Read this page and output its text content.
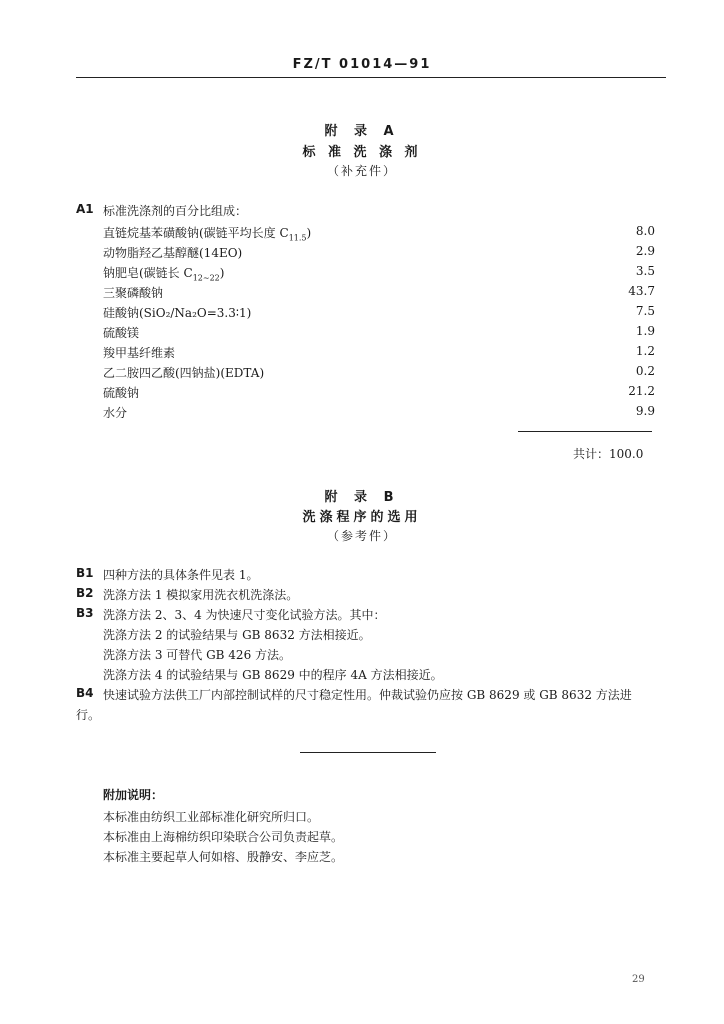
FZ/T 01014—91
附 录 A
标 准 洗 涤 剂
（补充件）
A1 标准洗涤剂的百分比组成：
直链烷基苯磺酸钠(碳链平均长度 $C_{11.5}$)	8.0
动物脂羟乙基醇醚(14EO)	2.9
钠肥皂(碳链长 $C_{12\sim 22}$)	3.5
三聚磷酸钠	43.7
硅酸钠(SiO₂/Na₂O=3.3∶1)	7.5
硫酸镁	1.9
羧甲基纤维素	1.2
乙二胺四乙酸(四钠盐)(EDTA)	0.2
硫酸钠	21.2
水分	9.9
共计：100.0
附 录 B
洗涤程序的选用
（参考件）
B1 四种方法的具体条件见表 1。
B2 洗涤方法 1 模拟家用洗衣机洗涤法。
B3 洗涤方法 2、3、4 为快速尺寸变化试验方法。其中：
洗涤方法 2 的试验结果与 GB 8632 方法相接近。
洗涤方法 3 可替代 GB 426 方法。
洗涤方法 4 的试验结果与 GB 8629 中的程序 4A 方法相接近。
B4 快速试验方法供工厂内部控制试样的尺寸稳定性用。仲裁试验仍应按 GB 8629 或 GB 8632 方法进
行。
附加说明：
本标准由纺织工业部标准化研究所归口。
本标准由上海棉纺织印染联合公司负责起草。
本标准主要起草人何如榕、殷静安、李应芝。
29
